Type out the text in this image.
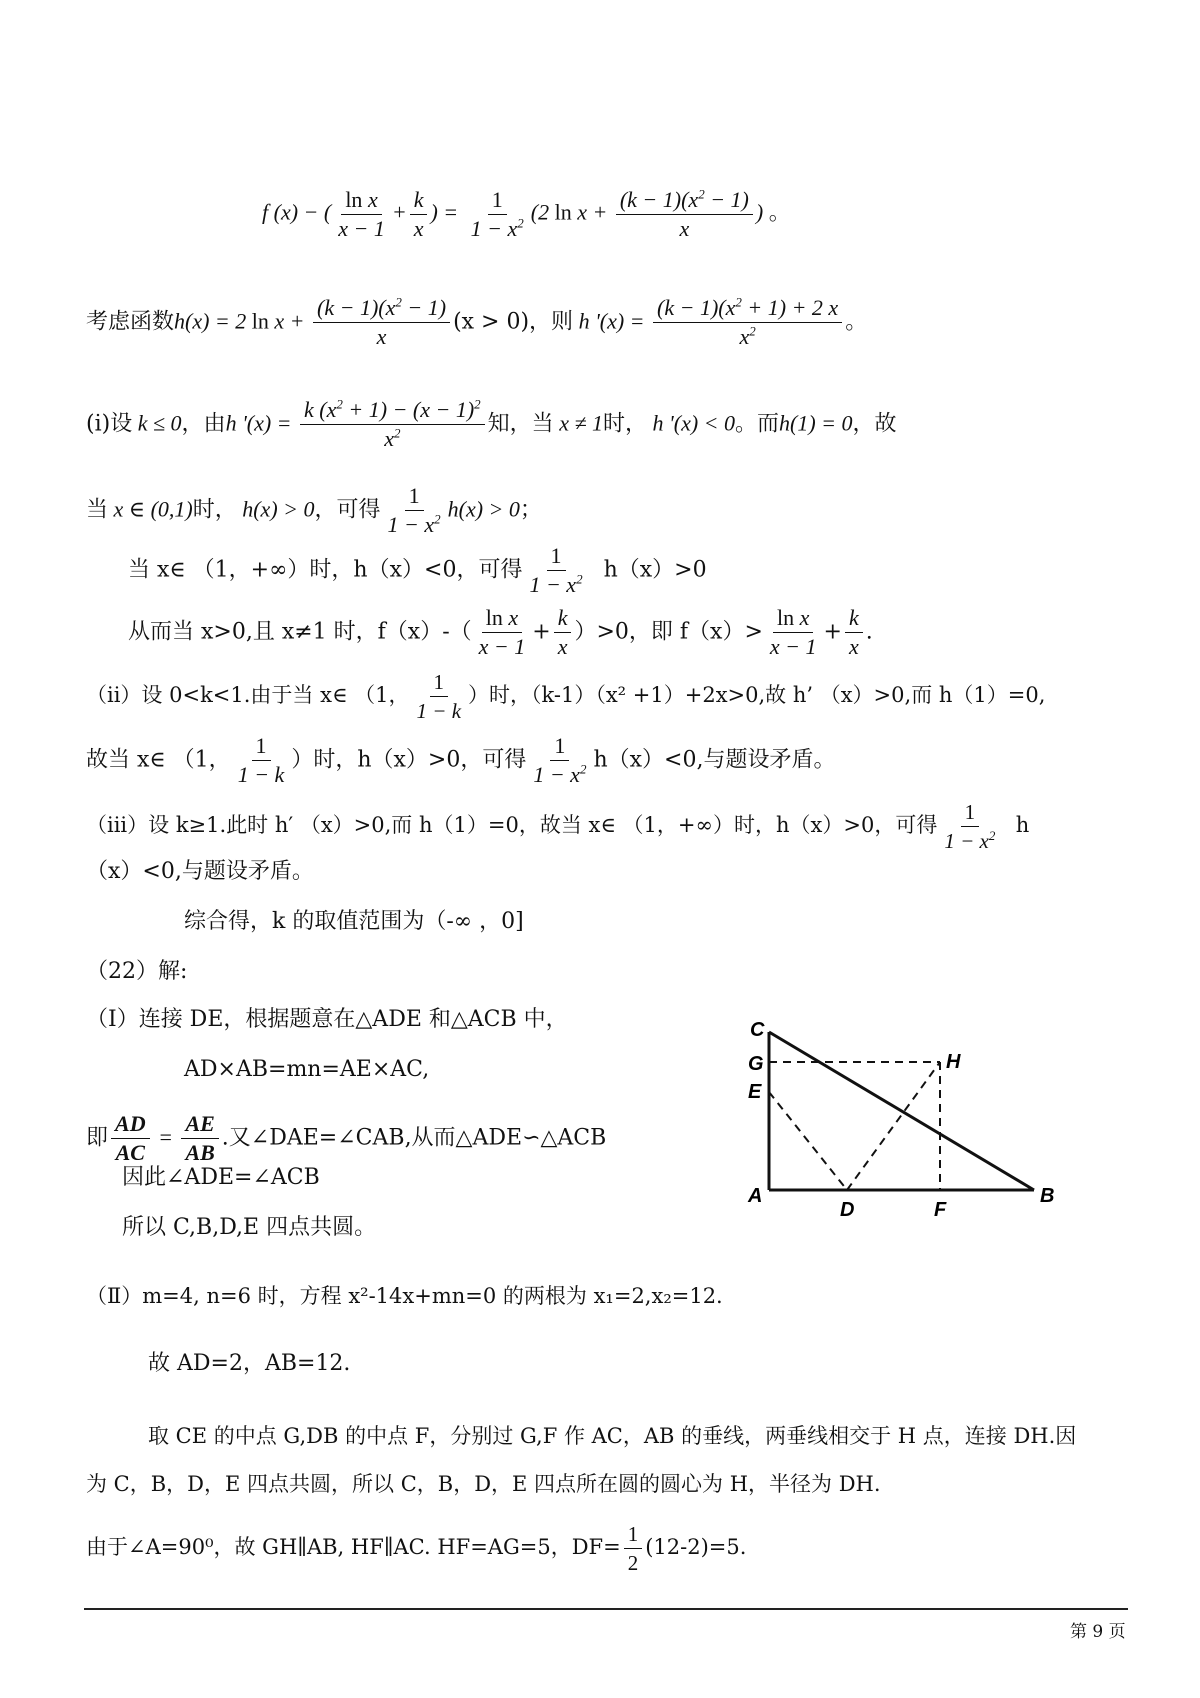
f (x) − ( $\frac{\text{ln x}}{x - 1} + \frac{k}{x}$ ) = $\frac{1}{1 - x^2} (2$ $\ln x + \frac{(k - 1)(x^2 - 1)}{x}$ ) 。
考虑函数h(x) = 2 $\ln x + \frac{(k - 1)(x^2 - 1)}{x} (x > 0)$，则 h '$(x) = \frac{(k - 1)(x^2 + 1) + 2 x}{x^2}$ 。
(i)设 k ≤ 0，由h '$(x) = \frac{k (x^2 + 1) - (x - 1)^2}{x^2}$ 知，当 x ≠ 1时， h '(x) < 0。而h(1) = 0，故
当 x ∈ (0,1)时， h(x) > 0，可得 $\frac{1}{1 - x^2} h(x) > 0$；
当 x∈ （1，+∞）时，h（x）<0，可得 $\frac{1}{1 - x^2} h(x)>0$
从而当 x>0,且 x≠1 时，$f(x)-( \frac{\text{ln x}}{x - 1} + \frac{k}{x} )>0$，即 $f(x)> \frac{\text{ln x}}{x - 1} + \frac{k}{x}$ .
（ii）设 0<k<1.由于当 x∈ （1， $\frac{1}{1 - k}$ ）时，（k-1）（x² +1）+2x>0,故 h’ （x）>0,而 h（1）=0,
故当 x∈ （1， $\frac{1}{1 - k}$ ）时，h（x）>0，可得 $\frac{1}{1 - x^2} h(x)<0$,与题设矛盾。
（iii）设 k≥1.此时 h′ （x）>0,而 h（1）=0，故当 x∈ （1，+∞）时，h（x）>0，可得 $\frac{1}{1 - x^2}$ h
（x）<0,与题设矛盾。
综合得，k 的取值范围为（-∞ ，0]
（22）解:
（I）连接 DE，根据题意在△ADE 和△ACB 中，
AD×AB=mn=AE×AC,
即 $\frac{AD}{AC} = \frac{AE}{AB}$ .又∠DAE=∠CAB,从而△ADE∽△ACB
因此∠ADE=∠ACB
所以 C,B,D,E 四点共圆。
C
G
E
H
A
D	F
B
（Ⅱ）m=4, n=6 时，方程 x²-14x+mn=0 的两根为 x₁=2,x₂=12.
故 AD=2，AB=12.
取 CE 的中点 G,DB 的中点 F，分别过 G,F 作 AC，AB 的垂线，两垂线相交于 H 点，连接 DH.因
为 C，B，D，E 四点共圆，所以 C，B，D，E 四点所在圆的圆心为 H，半径为 DH.
由于∠A=90⁰，故 GH∥AB, HF∥AC. HF=AG=5，$DF= \frac{1}{2} (12-2)=5$.
第 9 页
